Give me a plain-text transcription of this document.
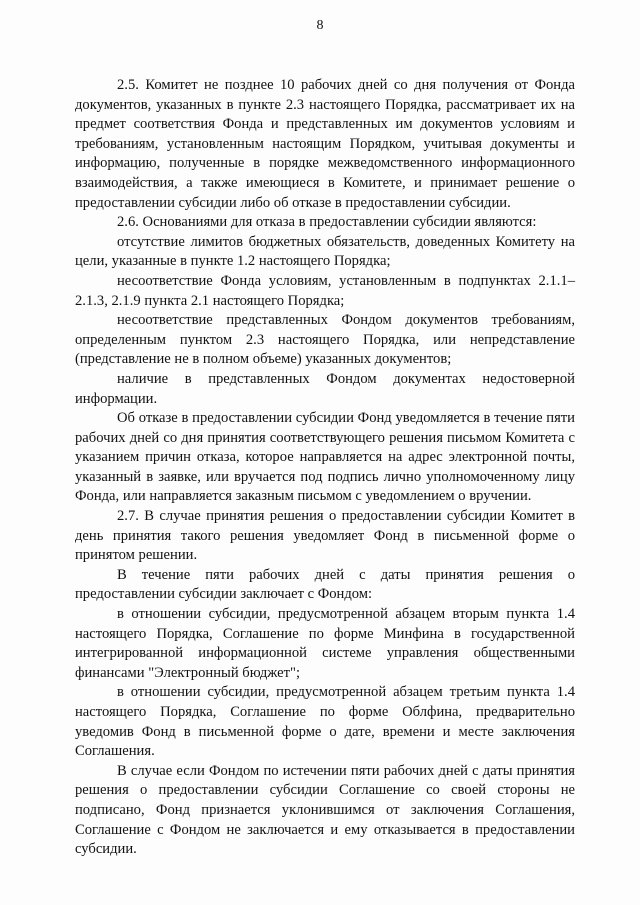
8

2.5. Комитет не позднее 10 рабочих дней со дня получения от Фонда документов, указанных в пункте 2.3 настоящего Порядка, рассматривает их на предмет соответствия Фонда и представленных им документов условиям и требованиям, установленным настоящим Порядком, учитывая документы и информацию, полученные в порядке межведомственного информационного взаимодействия, а также имеющиеся в Комитете, и принимает решение о предоставлении субсидии либо об отказе в предоставлении субсидии.

2.6. Основаниями для отказа в предоставлении субсидии являются:

отсутствие лимитов бюджетных обязательств, доведенных Комитету на цели, указанные в пункте 1.2 настоящего Порядка;

несоответствие Фонда условиям, установленным в подпунктах 2.1.1–2.1.3, 2.1.9 пункта 2.1 настоящего Порядка;

несоответствие представленных Фондом документов требованиям, определенным пунктом 2.3 настоящего Порядка, или непредставление (представление не в полном объеме) указанных документов;

наличие в представленных Фондом документах недостоверной информации.

Об отказе в предоставлении субсидии Фонд уведомляется в течение пяти рабочих дней со дня принятия соответствующего решения письмом Комитета с указанием причин отказа, которое направляется на адрес электронной почты, указанный в заявке, или вручается под подпись лично уполномоченному лицу Фонда, или направляется заказным письмом с уведомлением о вручении.

2.7. В случае принятия решения о предоставлении субсидии Комитет в день принятия такого решения уведомляет Фонд в письменной форме о принятом решении.

В течение пяти рабочих дней с даты принятия решения о предоставлении субсидии заключает с Фондом:

в отношении субсидии, предусмотренной абзацем вторым пункта 1.4 настоящего Порядка, Соглашение по форме Минфина в государственной интегрированной информационной системе управления общественными финансами "Электронный бюджет";

в отношении субсидии, предусмотренной абзацем третьим пункта 1.4 настоящего Порядка, Соглашение по форме Облфина, предварительно уведомив Фонд в письменной форме о дате, времени и месте заключения Соглашения.

В случае если Фондом по истечении пяти рабочих дней с даты принятия решения о предоставлении субсидии Соглашение со своей стороны не подписано, Фонд признается уклонившимся от заключения Соглашения, Соглашение с Фондом не заключается и ему отказывается в предоставлении субсидии.
